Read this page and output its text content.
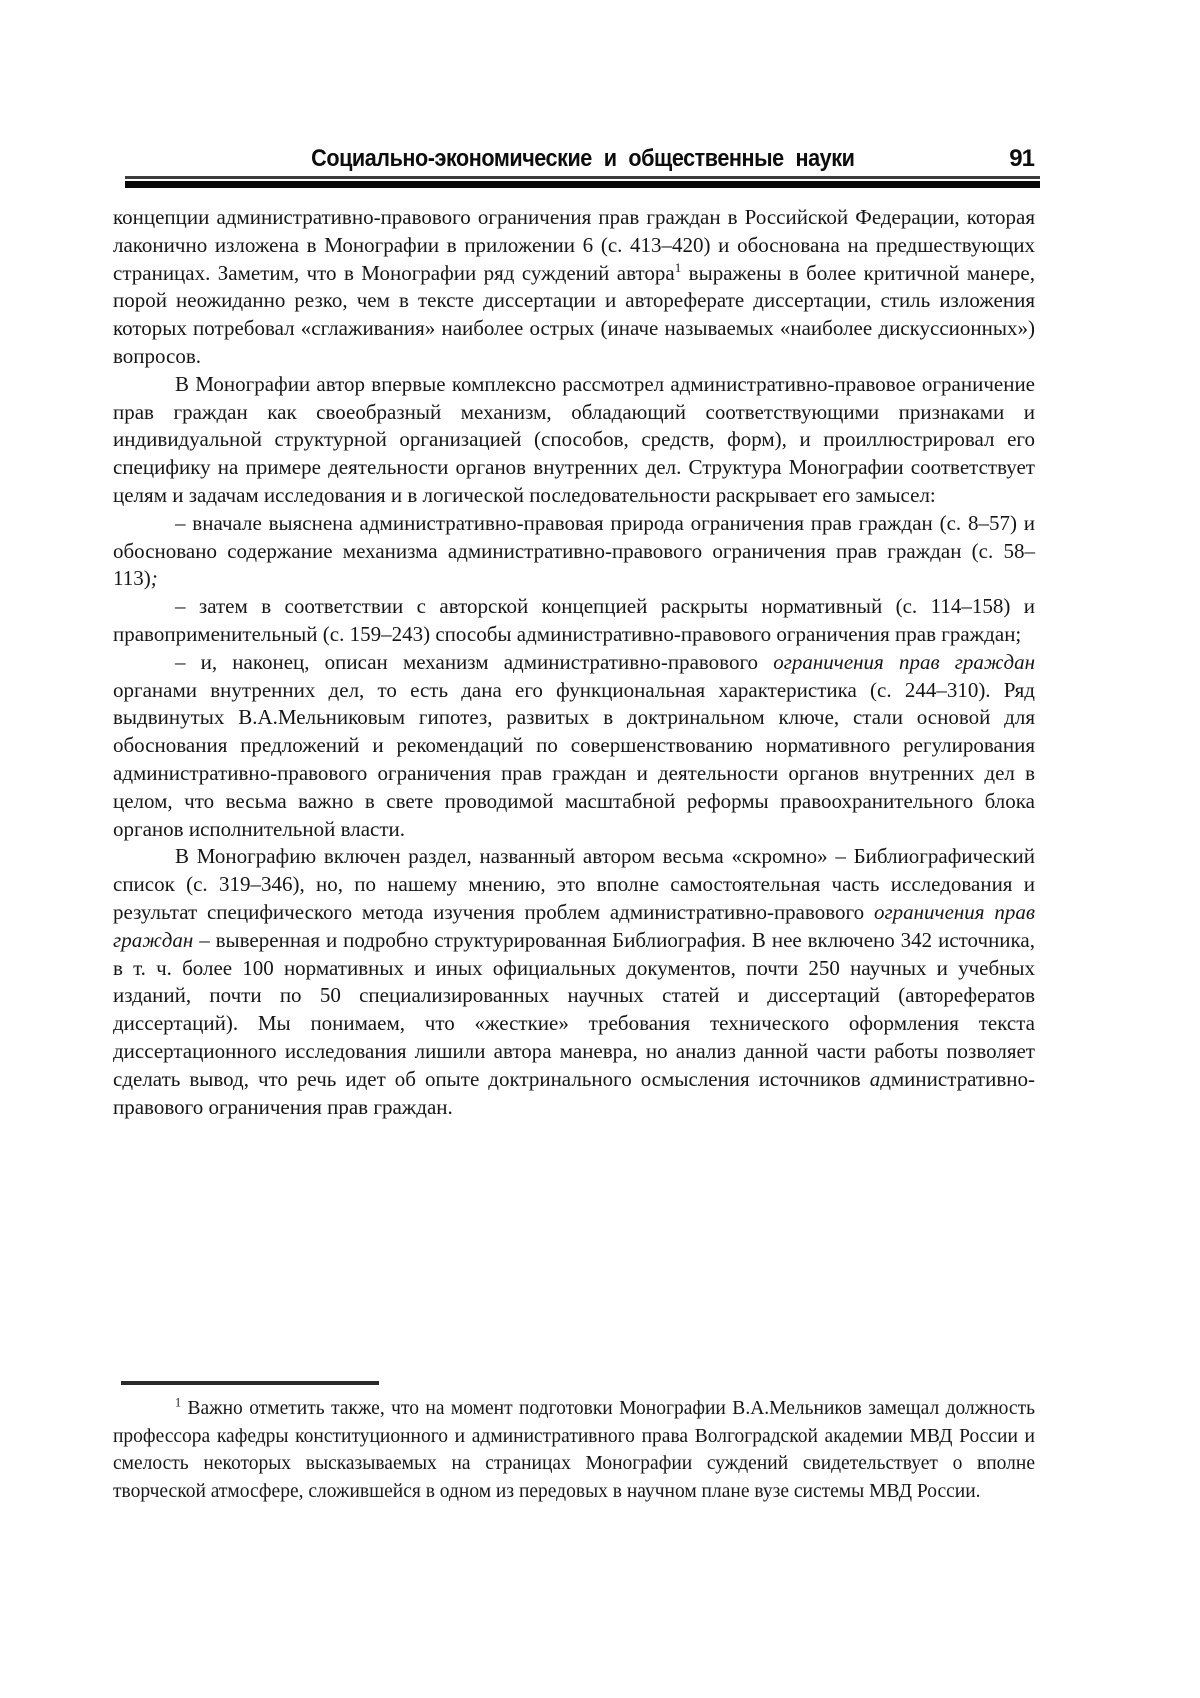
Социально-экономические и общественные науки	91

концепции административно-правового ограничения прав граждан в Российской Федерации, которая лаконично изложена в Монографии в приложении 6 (с. 413–420) и обоснована на предшествующих страницах. Заметим, что в Монографии ряд суждений автора$^1$ выражены в более критичной манере, порой неожиданно резко, чем в тексте диссертации и автореферате диссертации, стиль изложения которых потребовал «сглаживания» наиболее острых (иначе называемых «наиболее дискуссионных») вопросов.

В Монографии автор впервые комплексно рассмотрел административно-правовое ограничение прав граждан как своеобразный механизм, обладающий соответствующими признаками и индивидуальной структурной организацией (способов, средств, форм), и проиллюстрировал его специфику на примере деятельности органов внутренних дел. Структура Монографии соответствует целям и задачам исследования и в логической последовательности раскрывает его замысел:

– вначале выяснена административно-правовая природа ограничения прав граждан (с. 8–57) и обосновано содержание механизма административно-правового ограничения прав граждан (с. 58–113);

– затем в соответствии с авторской концепцией раскрыты нормативный (с. 114–158) и правоприменительный (с. 159–243) способы административно-правового ограничения прав граждан;

– и, наконец, описан механизм административно-правового ограничения прав граждан органами внутренних дел, то есть дана его функциональная характеристика (с. 244–310). Ряд выдвинутых В.А.Мельниковым гипотез, развитых в доктринальном ключе, стали основой для обоснования предложений и рекомендаций по совершенствованию нормативного регулирования административно-правового ограничения прав граждан и деятельности органов внутренних дел в целом, что весьма важно в свете проводимой масштабной реформы правоохранительного блока органов исполнительной власти.

В Монографию включен раздел, названный автором весьма «скромно» – Библиографический список (с. 319–346), но, по нашему мнению, это вполне самостоятельная часть исследования и результат специфического метода изучения проблем административно-правового ограничения прав граждан – выверенная и подробно структурированная Библиография. В нее включено 342 источника, в т. ч. более 100 нормативных и иных официальных документов, почти 250 научных и учебных изданий, почти по 50 специализированных научных статей и диссертаций (авторефератов диссертаций). Мы понимаем, что «жесткие» требования технического оформления текста диссертационного исследования лишили автора маневра, но анализ данной части работы позволяет сделать вывод, что речь идет об опыте доктринального осмысления источников административно-правового ограничения прав граждан.

$^1$ Важно отметить также, что на момент подготовки Монографии В.А.Мельников замещал должность профессора кафедры конституционного и административного права Волгоградской академии МВД России и смелость некоторых высказываемых на страницах Монографии суждений свидетельствует о вполне творческой атмосфере, сложившейся в одном из передовых в научном плане вузе системы МВД России.
